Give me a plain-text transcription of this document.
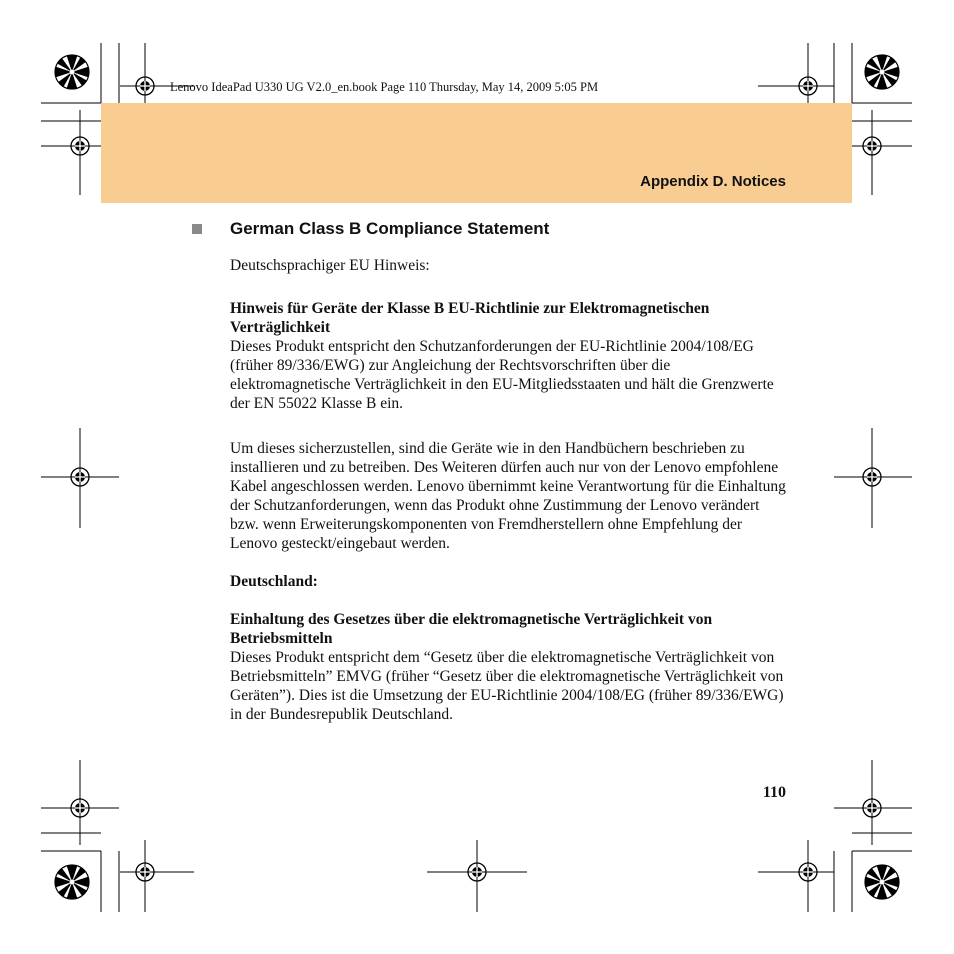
Lenovo IdeaPad U330 UG V2.0_en.book Page 110 Thursday, May 14, 2009 5:05 PM
Appendix D. Notices
German Class B Compliance Statement

Deutschsprachiger EU Hinweis:

Hinweis für Geräte der Klasse B EU-Richtlinie zur Elektromagnetischen Verträglichkeit

Dieses Produkt entspricht den Schutzanforderungen der EU-Richtlinie 2004/108/EG (früher 89/336/EWG) zur Angleichung der Rechtsvorschriften über die elektromagnetische Verträglichkeit in den EU-Mitgliedsstaaten und hält die Grenzwerte der EN 55022 Klasse B ein.

Um dieses sicherzustellen, sind die Geräte wie in den Handbüchern beschrieben zu installieren und zu betreiben. Des Weiteren dürfen auch nur von der Lenovo empfohlene Kabel angeschlossen werden. Lenovo übernimmt keine Verantwortung für die Einhaltung der Schutzanforderungen, wenn das Produkt ohne Zustimmung der Lenovo verändert bzw. wenn Erweiterungskomponenten von Fremdherstellern ohne Empfehlung der Lenovo gesteckt/eingebaut werden.

Deutschland:

Einhaltung des Gesetzes über die elektromagnetische Verträglichkeit von Betriebsmitteln

Dieses Produkt entspricht dem “Gesetz über die elektromagnetische Verträglichkeit von Betriebsmitteln” EMVG (früher “Gesetz über die elektromagnetische Verträglichkeit von Geräten”). Dies ist die Umsetzung der EU-Richtlinie 2004/108/EG (früher 89/336/EWG) in der Bundesrepublik Deutschland.

110
